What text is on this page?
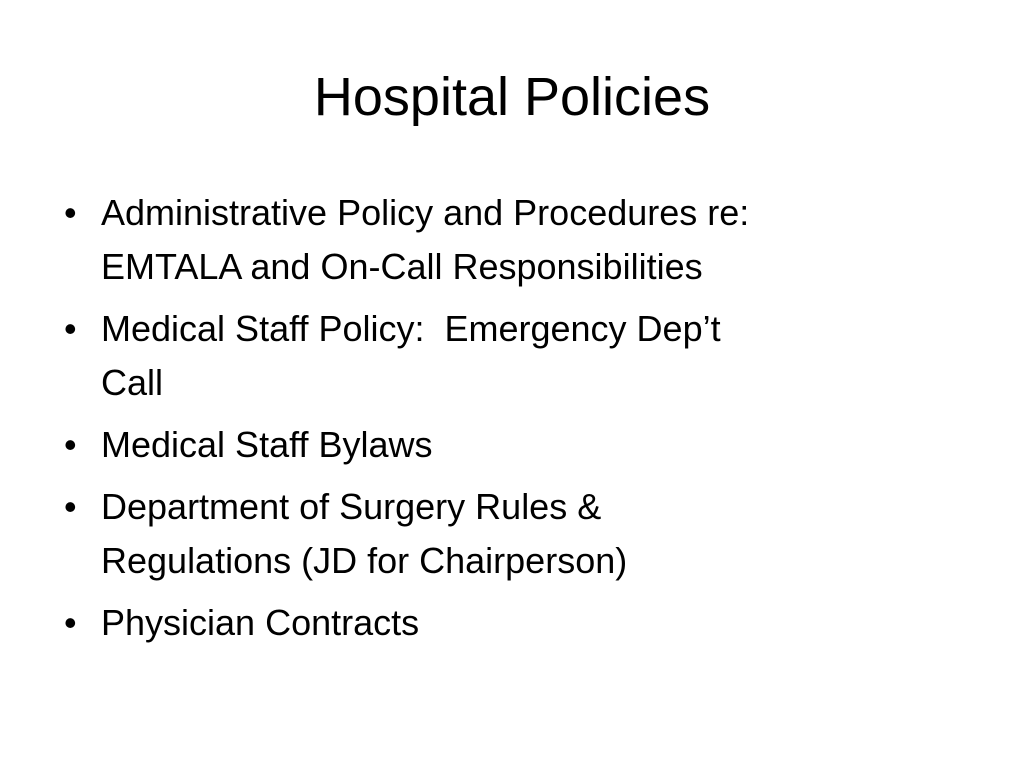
Hospital Policies
• Administrative Policy and Procedures re:
EMTALA and On-Call Responsibilities
• Medical Staff Policy:  Emergency Dep’t
Call
• Medical Staff Bylaws
• Department of Surgery Rules &
Regulations (JD for Chairperson)
• Physician Contracts
